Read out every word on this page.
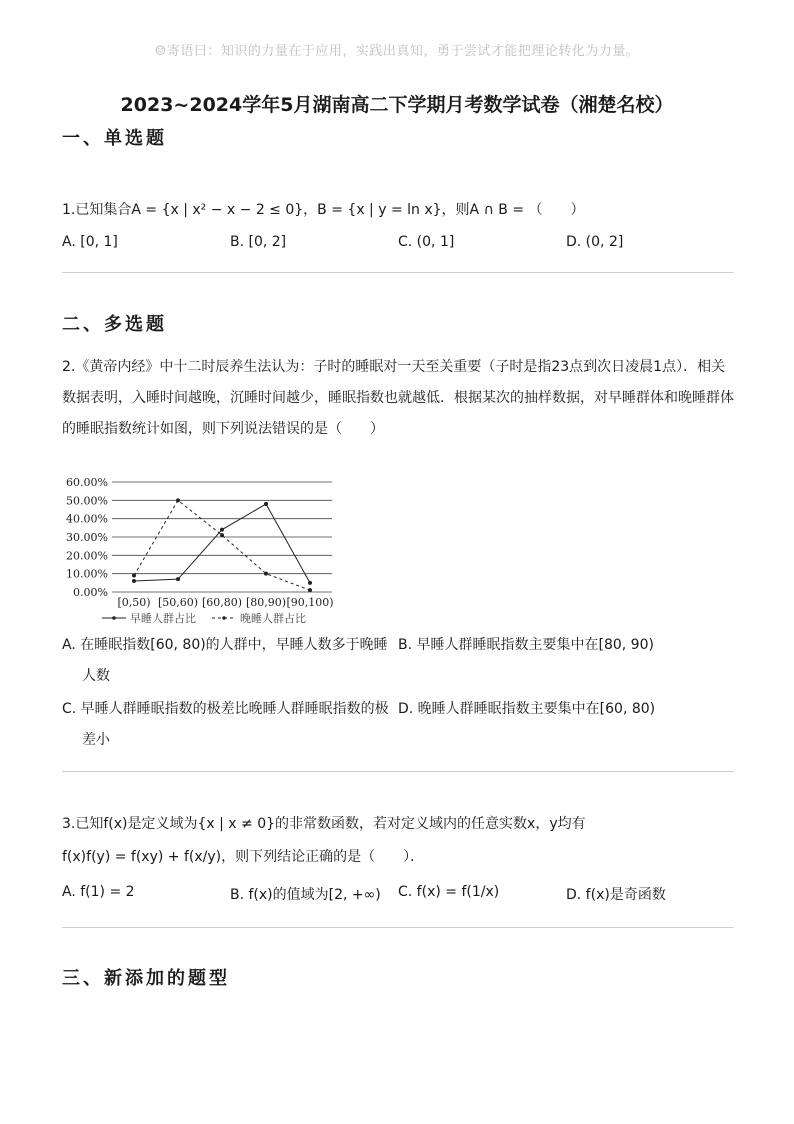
☺寄语曰：知识的力量在于应用，实践出真知，勇于尝试才能把理论转化为力量。
2023~2024学年5月湖南高二下学期月考数学试卷（湘楚名校）
一、单选题
1.已知集合A = {x | x² − x − 2 ≤ 0}，B = {x | y = ln x}，则A ∩ B = （　　）
A. [0, 1]	B. [0, 2]	C. (0, 1]	D. (0, 2]
二、多选题
2.《黄帝内经》中十二时辰养生法认为：子时的睡眠对一天至关重要（子时是指23点到次日凌晨1点）．相关
数据表明，入睡时间越晚，沉睡时间越少，睡眠指数也就越低．根据某次的抽样数据，对早睡群体和晚睡群体
的睡眠指数统计如图，则下列说法错误的是（　　）
0.00%
10.00%
20.00%
30.00%
40.00%
50.00%
60.00%
[0,50) [50,60) [60,80) [80,90) [90,100)
早睡人群占比	晚睡人群占比
A. 在睡眠指数[60, 80)的人群中，早睡人数多于晚睡
人数
B. 早睡人群睡眠指数主要集中在[80, 90)
C. 早睡人群睡眠指数的极差比晚睡人群睡眠指数的极
差小
D. 晚睡人群睡眠指数主要集中在[60, 80)
3.已知f(x)是定义域为{x | x ≠ 0}的非常数函数，若对定义域内的任意实数x，y均有
f(x)f(y) = f(xy) + f(x/y)，则下列结论正确的是（　　）．
A. f(1) = 2	B. f(x)的值域为[2, +∞) C. f(x) = f(1/x)	D. f(x)是奇函数
三、新添加的题型
